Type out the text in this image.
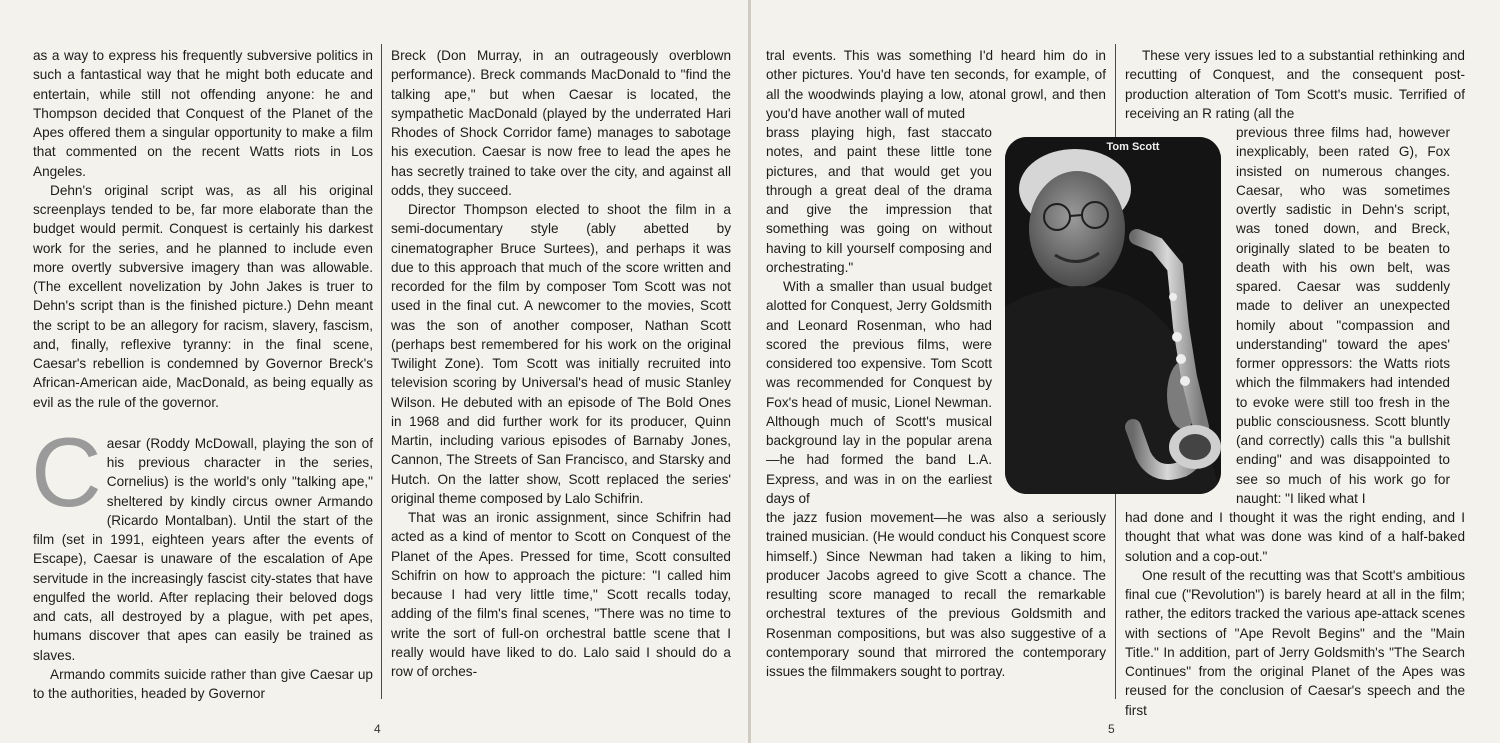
as a way to express his frequently subversive politics in such a fantastical way that he might both educate and entertain, while still not offending anyone: he and Thompson decided that Conquest of the Planet of the Apes offered them a singular opportunity to make a film that commented on the recent Watts riots in Los Angeles.

Dehn's original script was, as all his original screenplays tended to be, far more elaborate than the budget would permit. Conquest is certainly his darkest work for the series, and he planned to include even more overtly subversive imagery than was allowable. (The excellent novelization by John Jakes is truer to Dehn's script than is the finished picture.) Dehn meant the script to be an allegory for racism, slavery, fascism, and, finally, reflexive tyranny: in the final scene, Caesar's rebellion is condemned by Governor Breck's African-American aide, MacDonald, as being equally as evil as the rule of the governor.

Caesar (Roddy McDowall, playing the son of his previous character in the series, Cornelius) is the world's only "talking ape," sheltered by kindly circus owner Armando (Ricardo Montalban). Until the start of the film (set in 1991, eighteen years after the events of Escape), Caesar is unaware of the escalation of Ape servitude in the increasingly fascist city-states that have engulfed the world. After replacing their beloved dogs and cats, all destroyed by a plague, with pet apes, humans discover that apes can easily be trained as slaves.

Armando commits suicide rather than give Caesar up to the authorities, headed by Governor

Breck (Don Murray, in an outrageously overblown performance). Breck commands MacDonald to "find the talking ape," but when Caesar is located, the sympathetic MacDonald (played by the underrated Hari Rhodes of Shock Corridor fame) manages to sabotage his execution. Caesar is now free to lead the apes he has secretly trained to take over the city, and against all odds, they succeed.

Director Thompson elected to shoot the film in a semi-documentary style (ably abetted by cinematographer Bruce Surtees), and perhaps it was due to this approach that much of the score written and recorded for the film by composer Tom Scott was not used in the final cut. A newcomer to the movies, Scott was the son of another composer, Nathan Scott (perhaps best remembered for his work on the original Twilight Zone). Tom Scott was initially recruited into television scoring by Universal's head of music Stanley Wilson. He debuted with an episode of The Bold Ones in 1968 and did further work for its producer, Quinn Martin, including various episodes of Barnaby Jones, Cannon, The Streets of San Francisco, and Starsky and Hutch. On the latter show, Scott replaced the series' original theme composed by Lalo Schifrin.

That was an ironic assignment, since Schifrin had acted as a kind of mentor to Scott on Conquest of the Planet of the Apes. Pressed for time, Scott consulted Schifrin on how to approach the picture: "I called him because I had very little time," Scott recalls today, adding of the film's final scenes, "There was no time to write the sort of full-on orchestral battle scene that I really would have liked to do. Lalo said I should do a row of orches-

4	5

tral events. This was something I'd heard him do in other pictures. You'd have ten seconds, for example, of all the woodwinds playing a low, atonal growl, and then you'd have another wall of muted

brass playing high, fast staccato notes, and paint these little tone pictures, and that would get you through a great deal of the drama and give the impression that something was going on without having to kill yourself composing and orchestrating."

With a smaller than usual budget alotted for Conquest, Jerry Goldsmith and Leonard Rosenman, who had scored the previous films, were considered too expensive. Tom Scott was recommended for Conquest by Fox's head of music, Lionel Newman. Although much of Scott's musical background lay in the popular arena—he had formed the band L.A. Express, and was in on the earliest days of

the jazz fusion movement—he was also a seriously trained musician. (He would conduct his Conquest score himself.) Since Newman had taken a liking to him, producer Jacobs agreed to give Scott a chance. The resulting score managed to recall the remarkable orchestral textures of the previous Goldsmith and Rosenman compositions, but was also suggestive of a contemporary sound that mirrored the contemporary issues the filmmakers sought to portray.

These very issues led to a substantial rethinking and recutting of Conquest, and the consequent post-production alteration of Tom Scott's music. Terrified of receiving an R rating (all the

previous three films had, however inexplicably, been rated G), Fox insisted on numerous changes. Caesar, who was sometimes overtly sadistic in Dehn's script, was toned down, and Breck, originally slated to be beaten to death with his own belt, was spared. Caesar was suddenly made to deliver an unexpected homily about "compassion and understanding" toward the apes' former oppressors: the Watts riots which the filmmakers had intended to evoke were still too fresh in the public consciousness. Scott bluntly (and correctly) calls this "a bullshit ending" and was disappointed to see so much of his work go for naught: "I liked what I

had done and I thought it was the right ending, and I thought that what was done was kind of a half-baked solution and a cop-out."

One result of the recutting was that Scott's ambitious final cue ("Revolution") is barely heard at all in the film; rather, the editors tracked the various ape-attack scenes with sections of "Ape Revolt Begins" and the "Main Title." In addition, part of Jerry Goldsmith's "The Search Continues" from the original Planet of the Apes was reused for the conclusion of Caesar's speech and the first

Tom Scott
